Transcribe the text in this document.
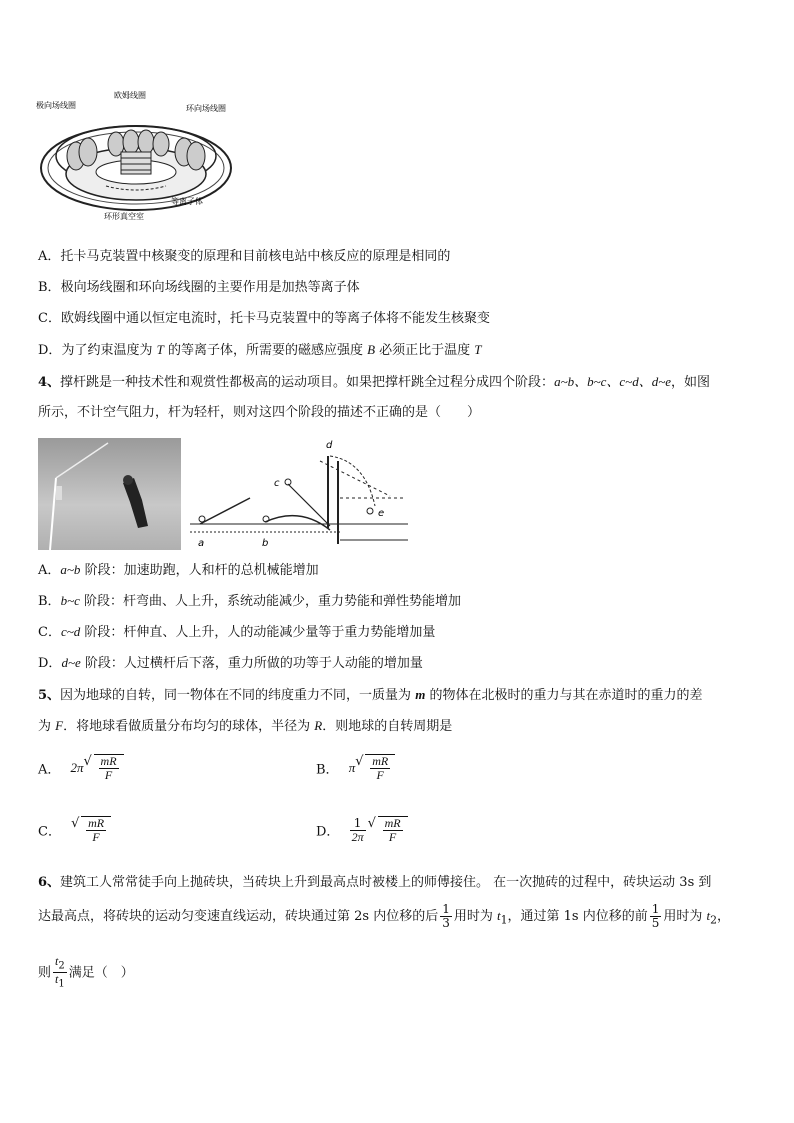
极向场线圈
欧姆线圈
环向场线圈
等离子体
环形真空室
A．托卡马克装置中核聚变的原理和目前核电站中核反应的原理是相同的
B．极向场线圈和环向场线圈的主要作用是加热等离子体
C．欧姆线圈中通以恒定电流时，托卡马克装置中的等离子体将不能发生核聚变
D．为了约束温度为 T 的等离子体，所需要的磁感应强度 B 必须正比于温度 T
4、撑杆跳是一种技术性和观赏性都极高的运动项目。如果把撑杆跳全过程分成四个阶段：a~b、b~c、c~d、d~e，如图
所示，不计空气阻力，杆为轻杆，则对这四个阶段的描述不正确的是（　　）
a	b
c
d
e
A．a~b 阶段：加速助跑，人和杆的总机械能增加
B．b~c 阶段：杆弯曲、人上升，系统动能减少，重力势能和弹性势能增加
C．c~d 阶段：杆伸直、人上升，人的动能减少量等于重力势能增加量
D．d~e 阶段：人过横杆后下落，重力所做的功等于人动能的增加量
5、因为地球的自转，同一物体在不同的纬度重力不同，一质量为 m 的物体在北极时的重力与其在赤道时的重力的差
为 F．将地球看做质量分布均匀的球体，半径为 R．则地球的自转周期是
A． 2π √ $\frac{mR}{F}$	B． π √ $\frac{mR}{F}$
C．
√ $\frac{mR}{F}$	D． $\frac{1}{2\pi}$ √ $\frac{mR}{F}$
6、建筑工人常常徒手向上抛砖块，当砖块上升到最高点时被楼上的师傅接住。 在一次抛砖的过程中，砖块运动 3s 到
达最高点，将砖块的运动匀变速直线运动，砖块通过第 2s 内位移的后 $\frac{1}{3}$ 用时为 $t_1$，通过第 1s 内位移的前 $\frac{1}{5}$ 用时为 $t_2$，
则 $\frac{t_2}{t_1}$ 满足（　）
